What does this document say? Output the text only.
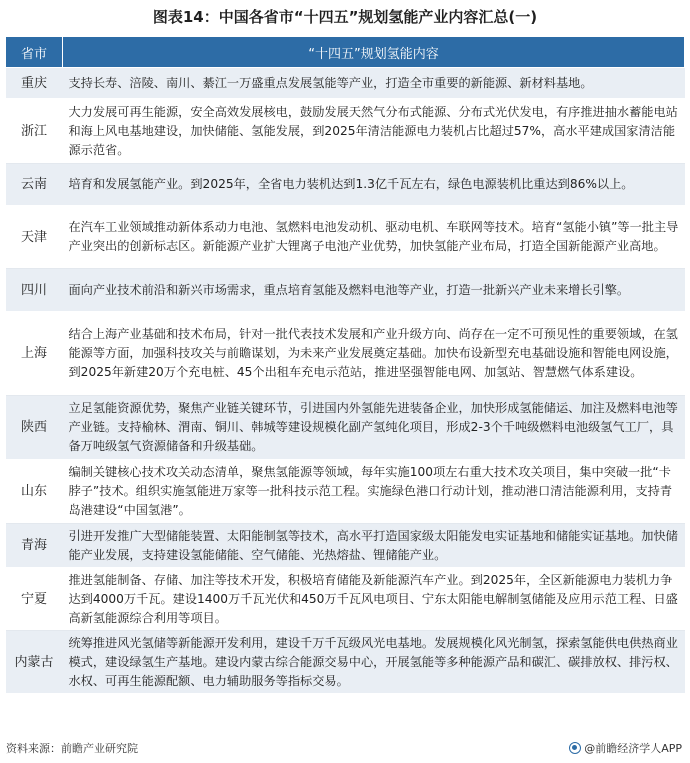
图表14：中国各省市“十四五”规划氢能产业内容汇总(一)
省市	“十四五”规划氢能内容
重庆	支持长寿、涪陵、南川、綦江一万盛重点发展氢能等产业，打造全市重要的新能源、新材料基地。
浙江	大力发展可再生能源，安全高效发展核电，鼓励发展天然气分布式能源、分布式光伏发电，有序推进抽水蓄能电站和海上风电基地建设，加快储能、氢能发展，到2025年清洁能源电力装机占比超过57%，高水平建成国家清洁能源示范省。
云南	培育和发展氢能产业。到2025年，全省电力装机达到1.3亿千瓦左右，绿色电源装机比重达到86%以上。
天津	在汽车工业领域推动新体系动力电池、氢燃料电池发动机、驱动电机、车联网等技术。培育“氢能小镇”等一批主导产业突出的创新标志区。新能源产业扩大锂离子电池产业优势，加快氢能产业布局，打造全国新能源产业高地。
四川	面向产业技术前沿和新兴市场需求，重点培育氢能及燃料电池等产业，打造一批新兴产业未来增长引擎。
上海	结合上海产业基础和技术布局，针对一批代表技术发展和产业升级方向、尚存在一定不可预见性的重要领域，在氢能源等方面，加强科技攻关与前瞻谋划，为未来产业发展奠定基础。加快布设新型充电基础设施和智能电网设施，到2025年新建20万个充电桩、45个出租车充电示范站，推进坚强智能电网、加氢站、智慧燃气体系建设。
陕西	立足氢能资源优势，聚焦产业链关键环节，引进国内外氢能先进装备企业，加快形成氢能储运、加注及燃料电池等产业链。支持榆林、渭南、铜川、韩城等建设规模化副产氢纯化项目，形成2-3个千吨级燃料电池级氢气工厂，具备万吨级氢气资源储备和升级基础。
山东	编制关键核心技术攻关动态清单，聚焦氢能源等领域，每年实施100项左右重大技术攻关项目，集中突破一批“卡脖子”技术。组织实施氢能进万家等一批科技示范工程。实施绿色港口行动计划，推动港口清洁能源利用，支持青岛港建设“中国氢港”。
青海	引进开发推广大型储能装置、太阳能制氢等技术，高水平打造国家级太阳能发电实证基地和储能实证基地。加快储能产业发展，支持建设氢能储能、空气储能、光热熔盐、锂储能产业。
宁夏	推进氢能制备、存储、加注等技术开发，积极培育储能及新能源汽车产业。到2025年，全区新能源电力装机力争达到4000万千瓦。建设1400万千瓦光伏和450万千瓦风电项目、宁东太阳能电解制氢储能及应用示范工程、日盛高新氢能源综合利用等项目。
内蒙古	统筹推进风光氢储等新能源开发利用，建设千万千瓦级风光电基地。发展规模化风光制氢，探索氢能供电供热商业模式，建设绿氢生产基地。建设内蒙古综合能源交易中心，开展氢能等多种能源产品和碳汇、碳排放权、排污权、水权、可再生能源配额、电力辅助服务等指标交易。
资料来源：前瞻产业研究院	@前瞻经济学人APP
